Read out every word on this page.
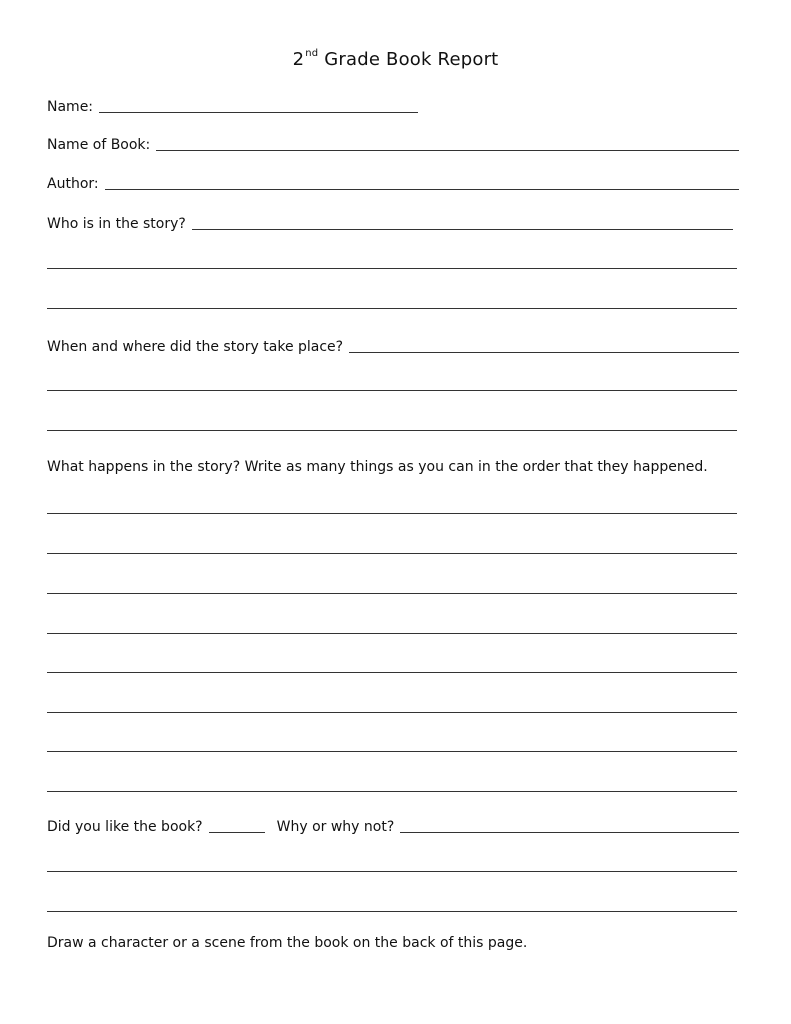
2nd Grade Book Report
Name:
Name of Book:
Author:
Who is in the story?
When and where did the story take place?
What happens in the story? Write as many things as you can in the order that they happened.
Did you like the book?	Why or why not?
Draw a character or a scene from the book on the back of this page.
